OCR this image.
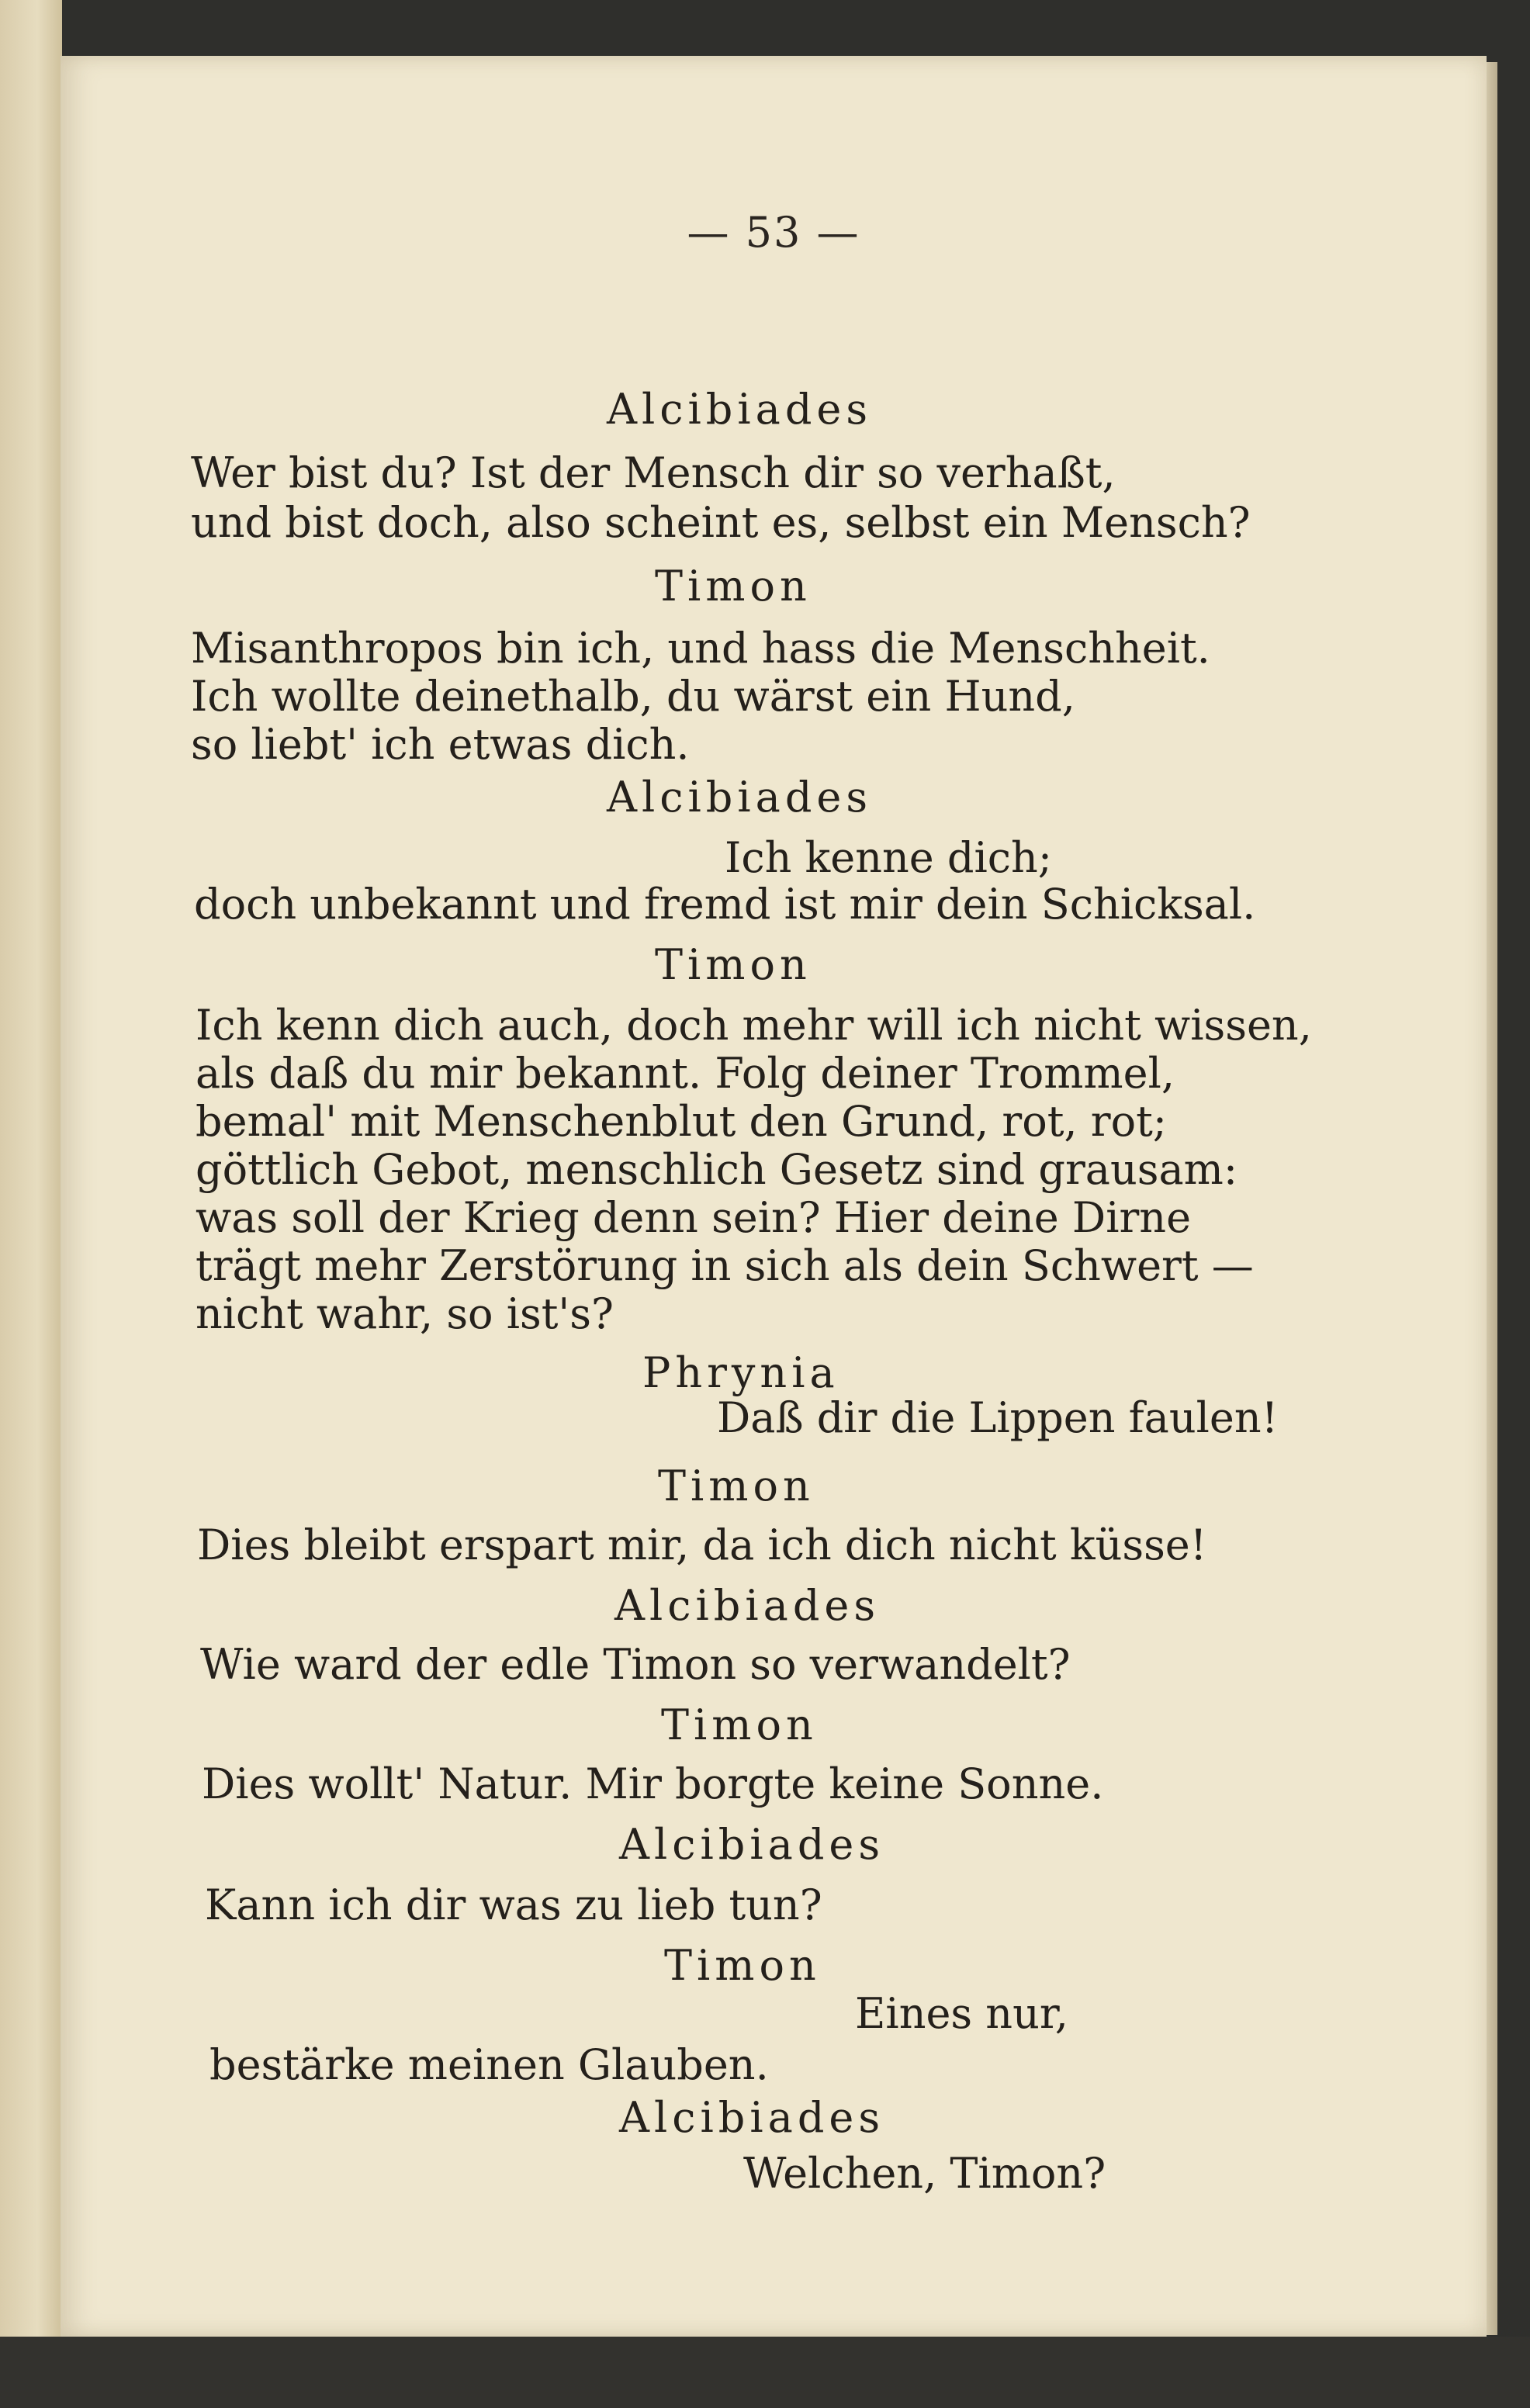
— 53 —
Alcibiades
Wer bist du? Ist der Mensch dir so verhaßt,
und bist doch, also scheint es, selbst ein Mensch?
Timon
Misanthropos bin ich, und hass die Menschheit.
Ich wollte deinethalb, du wärst ein Hund,
so liebt' ich etwas dich.
Alcibiades
Ich kenne dich;
doch unbekannt und fremd ist mir dein Schicksal.
Timon
Ich kenn dich auch, doch mehr will ich nicht wissen,
als daß du mir bekannt. Folg deiner Trommel,
bemal' mit Menschenblut den Grund, rot, rot;
göttlich Gebot, menschlich Gesetz sind grausam:
was soll der Krieg denn sein? Hier deine Dirne
trägt mehr Zerstörung in sich als dein Schwert —
nicht wahr, so ist's?
Phrynia
Daß dir die Lippen faulen!
Timon
Dies bleibt erspart mir, da ich dich nicht küsse!
Alcibiades
Wie ward der edle Timon so verwandelt?
Timon
Dies wollt' Natur. Mir borgte keine Sonne.
Alcibiades
Kann ich dir was zu lieb tun?
Timon
Eines nur,
bestärke meinen Glauben.
Alcibiades
Welchen, Timon?
